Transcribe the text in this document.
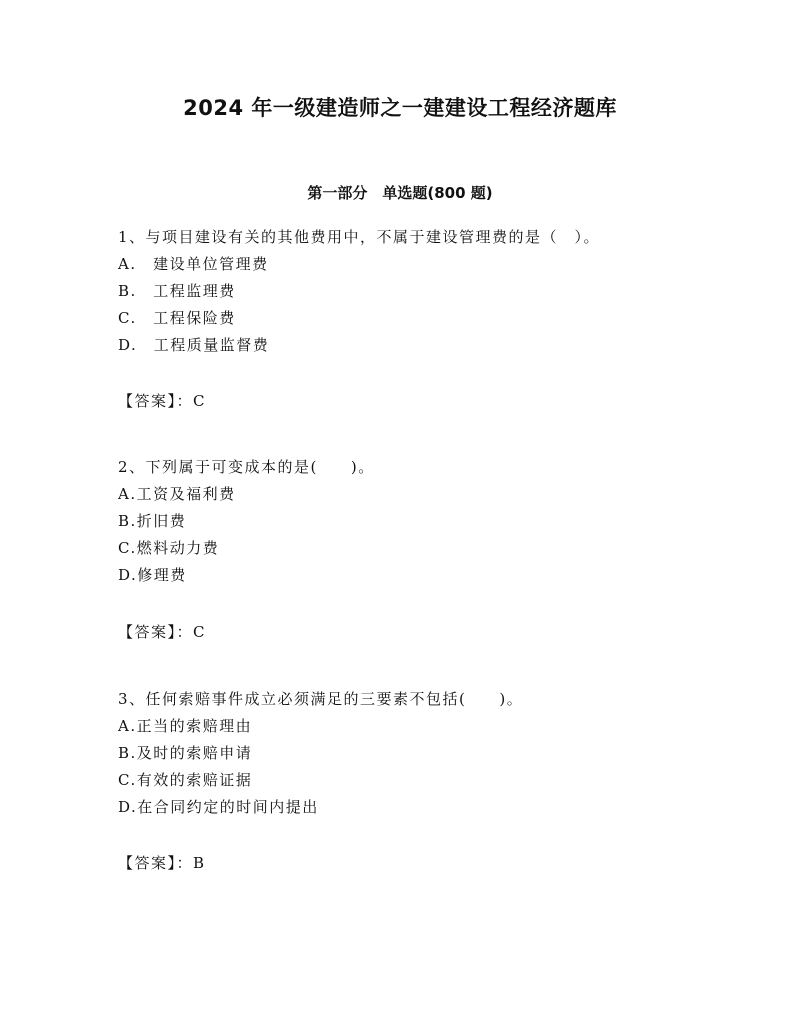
2024 年一级建造师之一建建设工程经济题库
第一部分　单选题(800 题)
1、与项目建设有关的其他费用中，不属于建设管理费的是（　）。
A.　建设单位管理费
B.　工程监理费
C.　工程保险费
D.　工程质量监督费
【答案】：C
2、下列属于可变成本的是(　　)。
A.工资及福利费
B.折旧费
C.燃料动力费
D.修理费
【答案】：C
3、任何索赔事件成立必须满足的三要素不包括(　　)。
A.正当的索赔理由
B.及时的索赔申请
C.有效的索赔证据
D.在合同约定的时间内提出
【答案】：B
